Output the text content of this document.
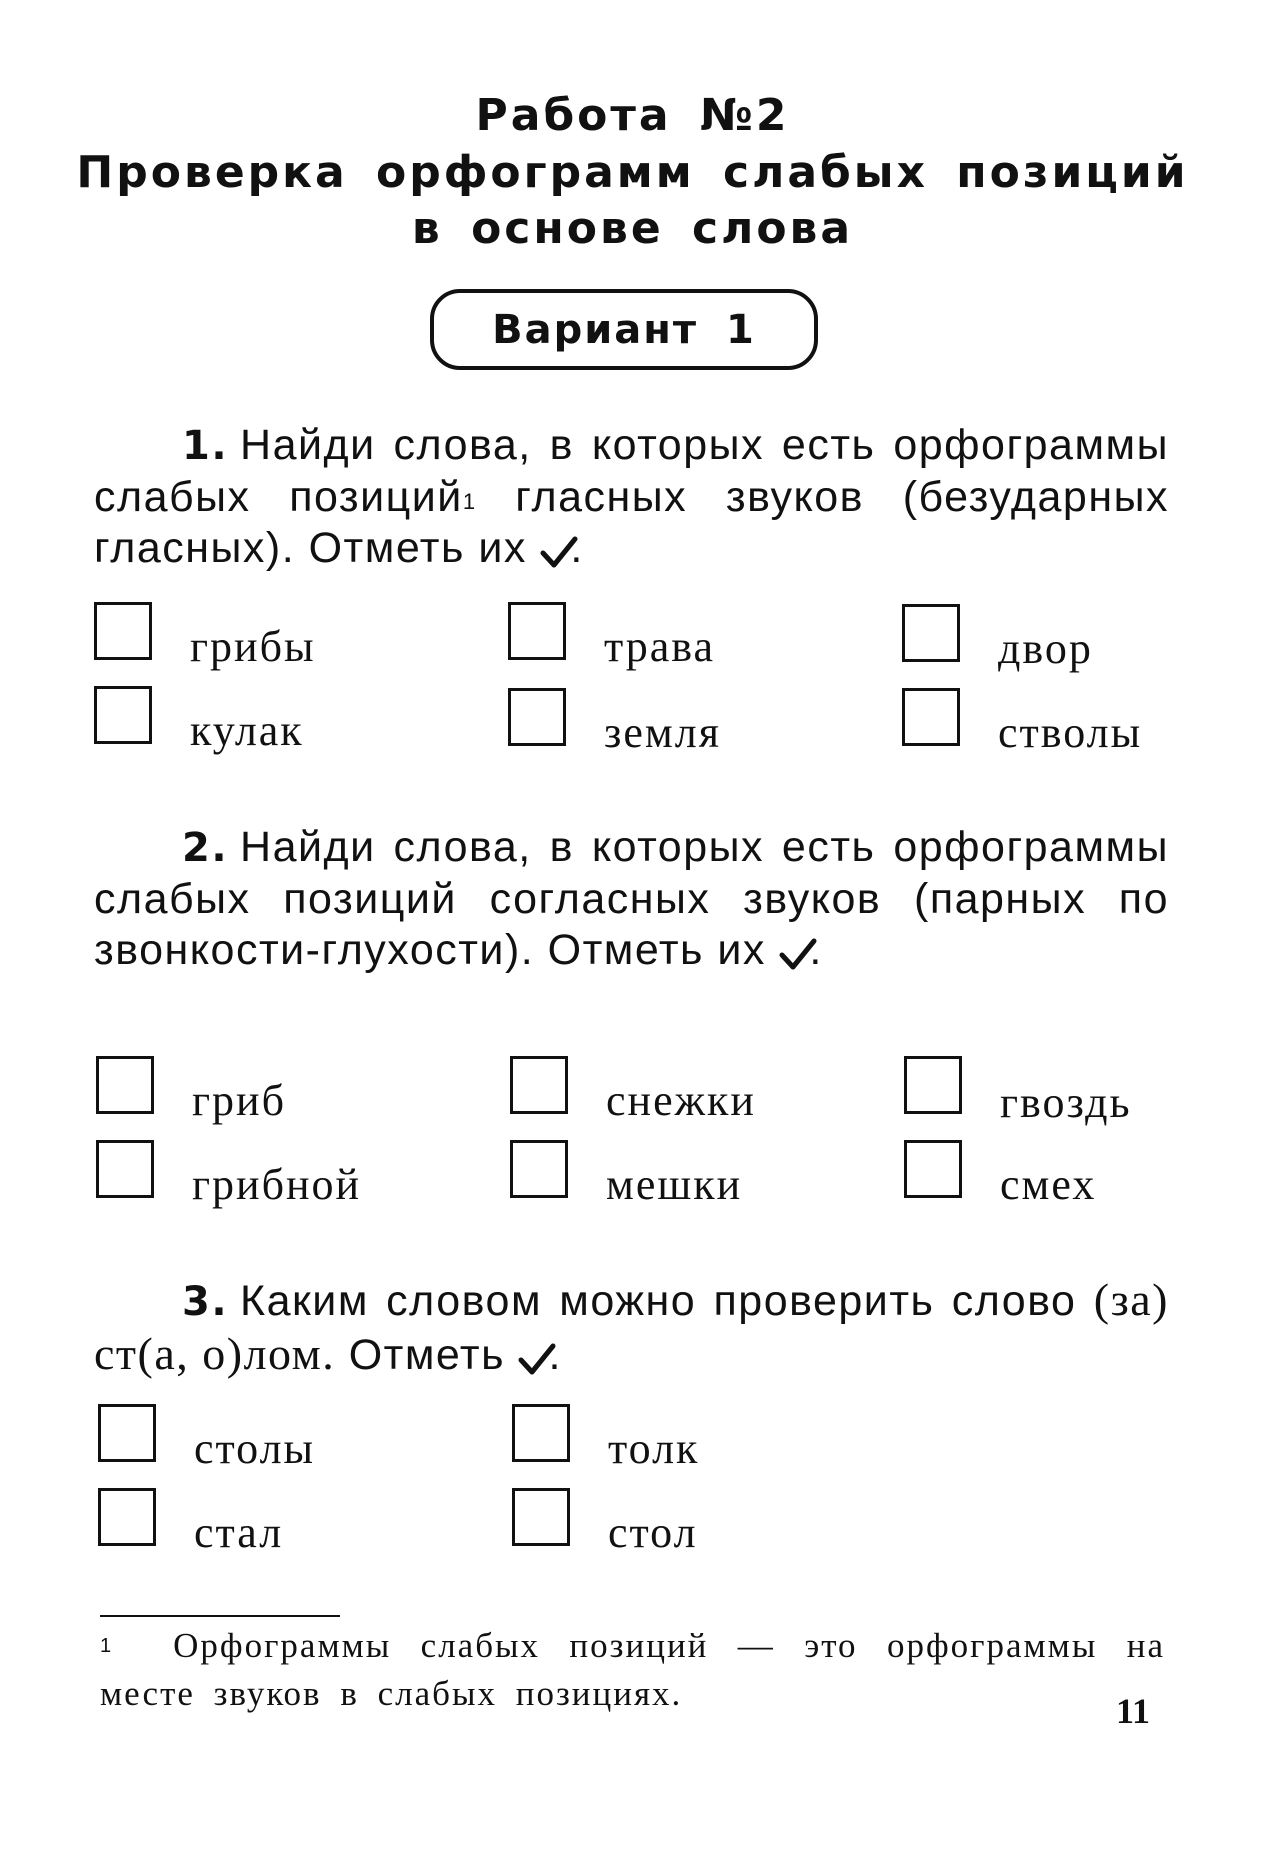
Работа №2
Проверка орфограмм слабых позиций
в основе слова
Вариант 1

1. Найди слова, в которых есть орфограммы слабых позиций$^1$ гласных звуков (безударных гласных). Отметь их .

грибы	трава	двор
кулак	земля	стволы

2. Найди слова, в которых есть орфограммы слабых позиций согласных звуков (парных по звонкости-глухости). Отметь их .

гриб	снежки	гвоздь
грибной	мешки	смех

3. Каким словом можно проверить слово (за) ст(а, о)лом. Отметь .

столы	толк
стал	стол

$^1$ Орфограммы слабых позиций — это орфограммы на месте звуков в слабых позициях.	11
